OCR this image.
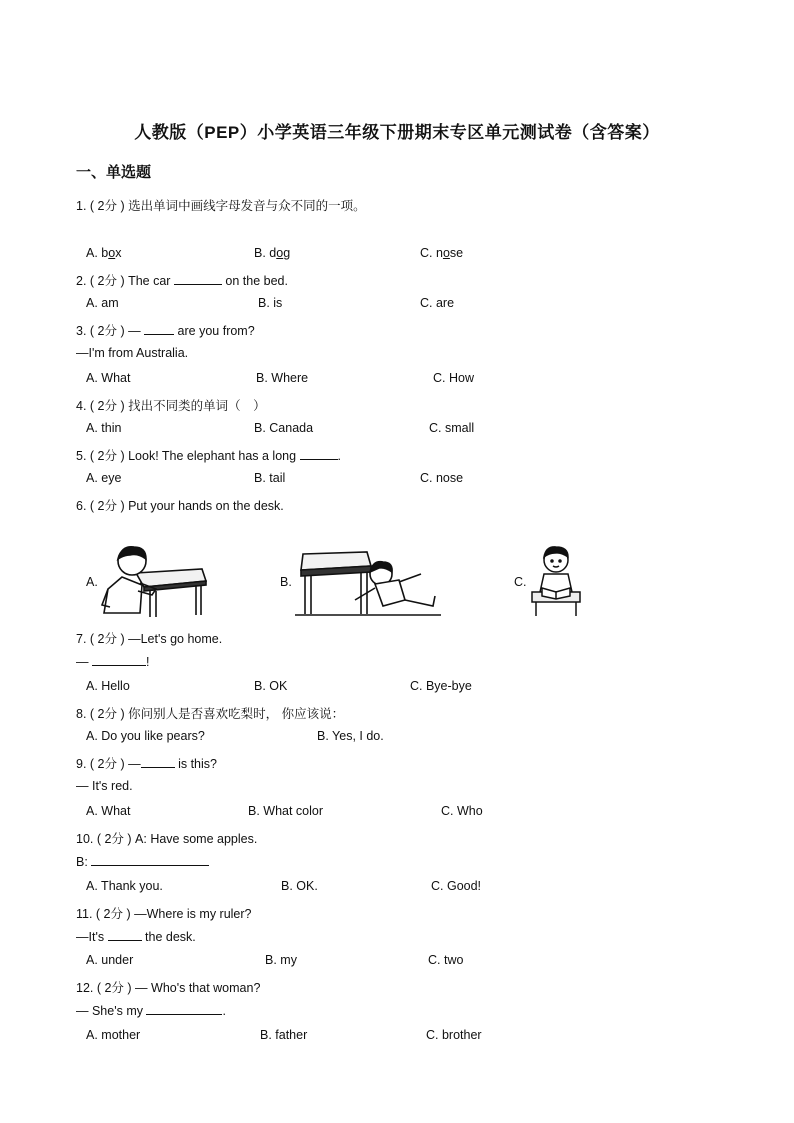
人教版（PEP）小学英语三年级下册期末专区单元测试卷（含答案）
一、单选题
1. ( 2分 ) 选出单词中画线字母发音与众不同的一项。
A. box	B. dog	C. nose
2. ( 2分 ) The car	on the bed.
A. am	B. is	C. are
3. ( 2分 ) —  are you from?
—I'm from Australia.
A. What	B. Where	C. How
4. ( 2分 ) 找出不同类的单词（　）
A. thin	B. Canada	C. small
5. ( 2分 ) Look! The elephant has a long	.
A. eye	B. tail	C. nose
6. ( 2分 ) Put your hands on the desk.
A.	B.	C.
7. ( 2分 ) —Let's go home.
—	!
A. Hello	B. OK	C. Bye-bye
8. ( 2分 ) 你问别人是否喜欢吃梨时， 你应该说：
A. Do you like pears?	B. Yes, I do.
9. ( 2分 ) —	is this?
— It's red.
A. What	B. What color	C. Who
10. ( 2分 ) A: Have some apples.
B:
A. Thank you.	B. OK.	C. Good!
11. ( 2分 ) —Where is my ruler?
—It's	the desk.
A. under	B. my	C. two
12. ( 2分 ) — Who's that woman?
— She's my	.
A. mother	B. father	C. brother
